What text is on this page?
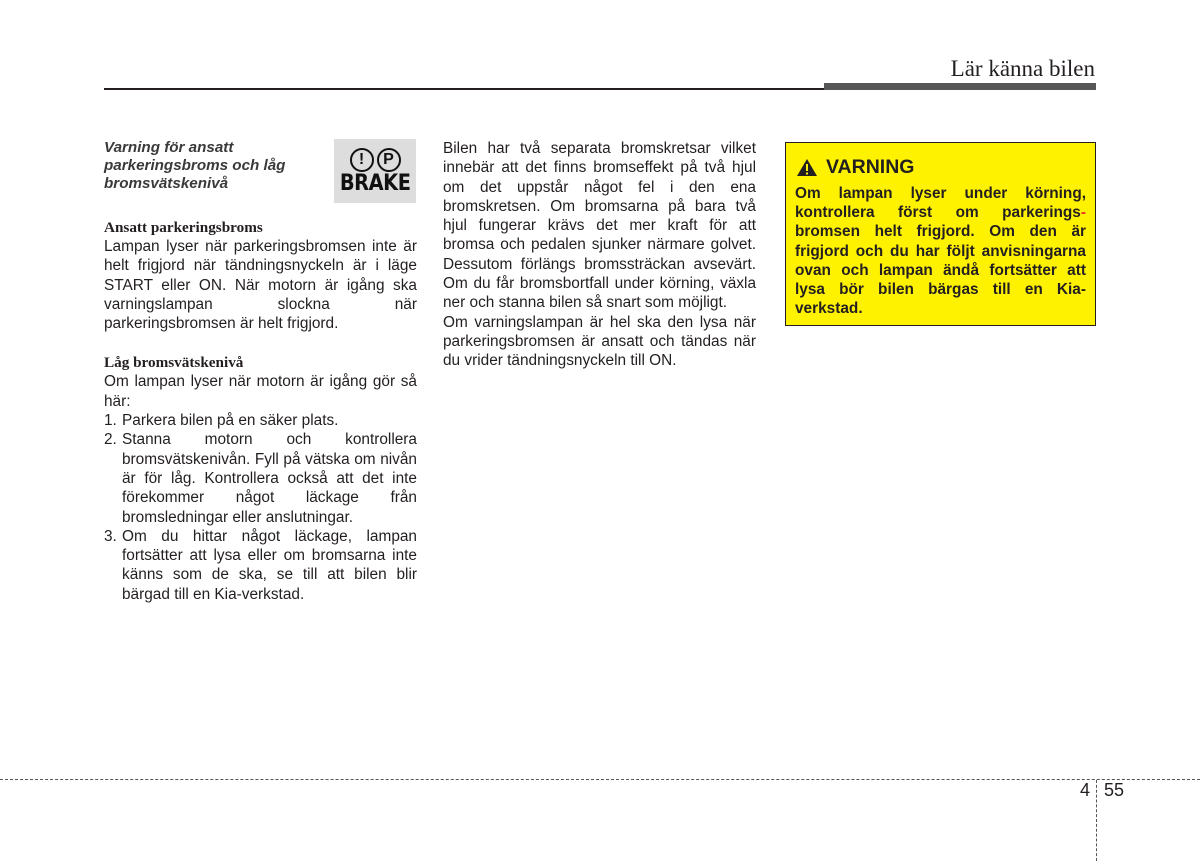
Lär känna bilen
Varning för ansatt parkeringsbroms och låg bromsvätskenivå
Ansatt parkeringsbroms

Lampan lyser när parkeringsbromsen inte är helt frigjord när tändningsnyckeln är i läge START eller ON. När motorn är igång ska varningslampan slockna när parkeringsbromsen är helt frigjord.

Låg bromsvätskenivå

Om lampan lyser när motorn är igång gör så här:

1. Parkera bilen på en säker plats.
2. Stanna motorn och kontrollera bromsvätskenivån. Fyll på vätska om nivån är för låg. Kontrollera också att det inte förekommer något läckage från bromsledningar eller anslutningar.
3. Om du hittar något läckage, lampan fortsätter att lysa eller om bromsarna inte känns som de ska, se till att bilen blir bärgad till en Kia-verkstad.
!	P
BRAKE

Bilen har två separata bromskretsar vilket innebär att det finns bromseffekt på två hjul om det uppstår något fel i den ena bromskretsen. Om bromsarna på bara två hjul fungerar krävs det mer kraft för att bromsa och pedalen sjunker närmare golvet. Dessutom förlängs bromssträckan avsevärt. Om du får bromsbortfall under körning, växla ner och stanna bilen så snart som möjligt.

Om varningslampan är hel ska den lysa när parkeringsbromsen är ansatt och tändas när du vrider tändningsnyckeln till ON.

VARNING
Om lampan lyser under körning, kontrollera först om parkerings- bromsen helt frigjord. Om den är frigjord och du har följt anvisningarna ovan och lampan ändå fortsätter att lysa bör bilen bärgas till en Kia-verkstad.
4 55
